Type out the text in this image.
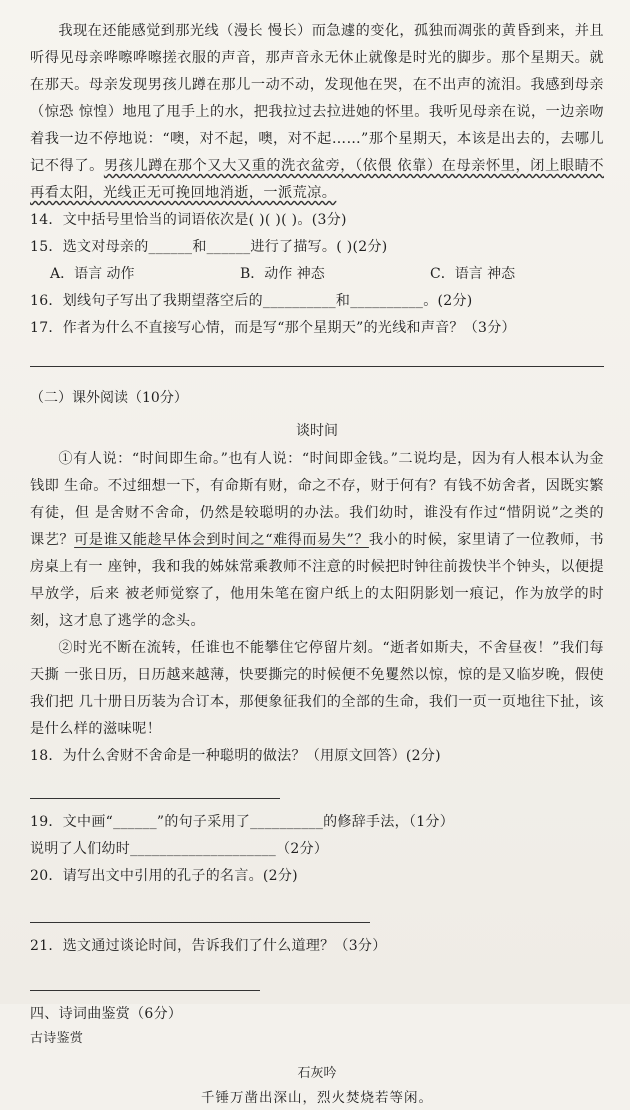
我现在还能感觉到那光线（漫长 慢长）而急遽的变化，孤独而凋张的黄昏到来，并且听得见母亲哗嚓哗嚓搓衣服的声音，那声音永无休止就像是时光的脚步。那个星期天。就在那天。母亲发现男孩儿蹲在那儿一动不动，发现他在哭，在不出声的流泪。我感到母亲（惊恐 惊惶）地甩了甩手上的水，把我拉过去拉进她的怀里。我听见母亲在说，一边亲吻着我一边不停地说：“噢，对不起，噢，对不起……”那个星期天，本该是出去的，去哪儿记不得了。男孩儿蹲在那个又大又重的洗衣盆旁，（依偎 依靠）在母亲怀里，闭上眼睛不再看太阳，光线正无可挽回地消逝，一派荒凉。

14．文中括号里恰当的词语依次是( )( )( )。(3分)
15．选文对母亲的______和______进行了描写。( )(2分)
A．语言 动作	B．动作 神态	C．语言 神态
16．划线句子写出了我期望落空后的__________和__________。(2分)
17．作者为什么不直接写心情，而是写“那个星期天”的光线和声音？（3分）
（二）课外阅读（10分）
谈时间

①有人说：“时间即生命。”也有人说：“时间即金钱。”二说均是，因为有人根本认为金钱即 生命。不过细想一下，有命斯有财，命之不存，财于何有？有钱不妨舍者，因既实繁有徒，但 是舍财不舍命，仍然是较聪明的办法。我们幼时，谁没有作过“惜阴说”之类的课艺？可是谁又能趁早体会到时间之“难得而易失”？我小的时候，家里请了一位教师，书房桌上有一 座钟，我和我的姊妹常乘教师不注意的时候把时钟往前拨快半个钟头，以便提早放学，后来 被老师觉察了，他用朱笔在窗户纸上的太阳阴影划一痕记，作为放学的时刻，这才息了逃学的念头。

②时光不断在流转，任谁也不能攀住它停留片刻。“逝者如斯夫，不舍昼夜！”我们每天撕 一张日历，日历越来越薄，快要撕完的时候便不免矍然以惊，惊的是又临岁晚，假使我们把 几十册日历装为合订本，那便象征我们的全部的生命，我们一页一页地往下扯，该是什么样的滋味呢！

18．为什么舍财不舍命是一种聪明的做法？（用原文回答）(2分)
19．文中画“______”的句子采用了__________的修辞手法，（1分）
说明了人们幼时____________________（2分）
20．请写出文中引用的孔子的名言。(2分)
21．选文通过谈论时间，告诉我们了什么道理？（3分）
四、诗词曲鉴赏（6分）
古诗鉴赏
石灰吟
千锤万凿出深山，烈火焚烧若等闲。
